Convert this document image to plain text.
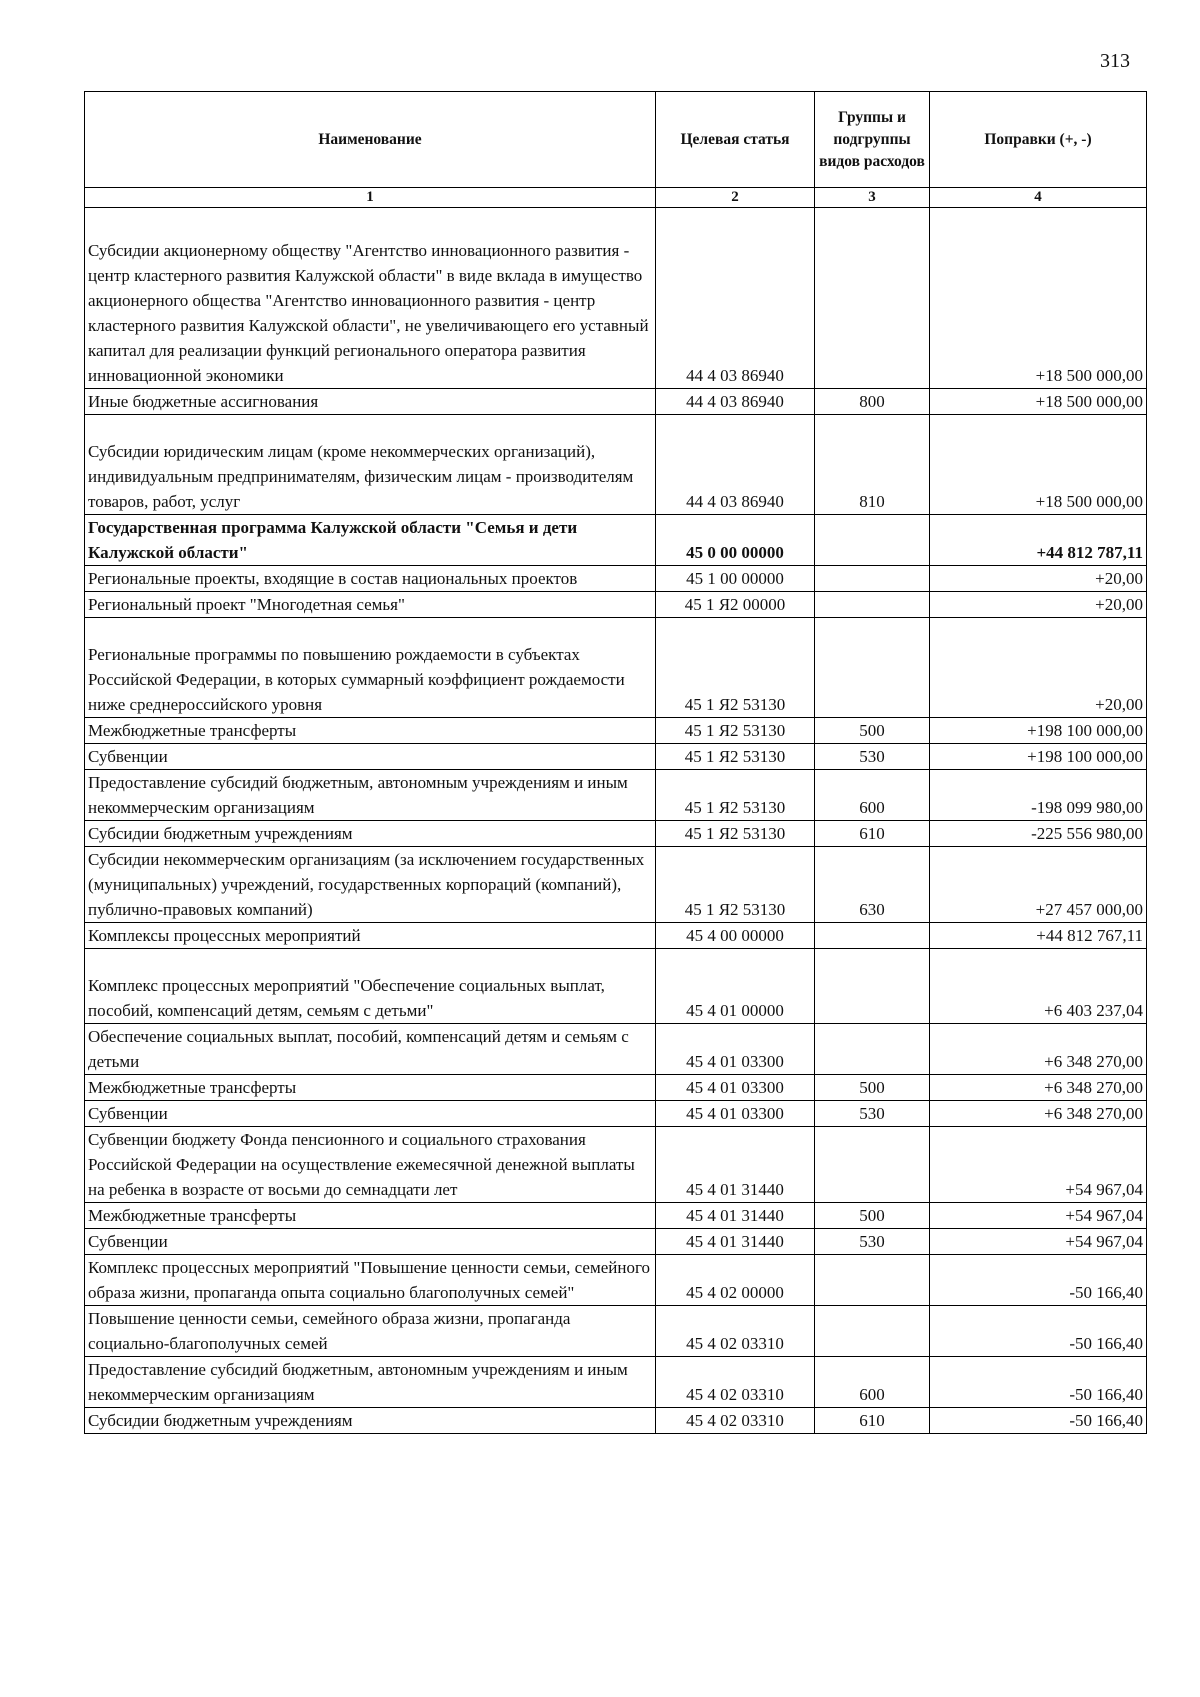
313
Наименование	Целевая статья	Группы и подгруппы видов расходов	Поправки (+, -)
1	2	3	4
Субсидии акционерному обществу "Агентство инновационного развития - центр кластерного развития Калужской области" в виде вклада в имущество акционерного общества "Агентство инновационного развития - центр кластерного развития Калужской области", не увеличивающего его уставный капитал для реализации функций регионального оператора развития инновационной экономики	44 4 03 86940		+18 500 000,00
Иные бюджетные ассигнования	44 4 03 86940	800	+18 500 000,00
Субсидии юридическим лицам (кроме некоммерческих организаций), индивидуальным предпринимателям, физическим лицам - производителям товаров, работ, услуг	44 4 03 86940	810	+18 500 000,00
Государственная программа Калужской области "Семья и дети Калужской области"	45 0 00 00000		+44 812 787,11
Региональные проекты, входящие в состав национальных проектов	45 1 00 00000		+20,00
Региональный проект "Многодетная семья"	45 1 Я2 00000		+20,00
Региональные программы по повышению рождаемости в субъектах Российской Федерации, в которых суммарный коэффициент рождаемости ниже среднероссийского уровня	45 1 Я2 53130		+20,00
Межбюджетные трансферты	45 1 Я2 53130	500	+198 100 000,00
Субвенции	45 1 Я2 53130	530	+198 100 000,00
Предоставление субсидий бюджетным, автономным учреждениям и иным некоммерческим организациям	45 1 Я2 53130	600	-198 099 980,00
Субсидии бюджетным учреждениям	45 1 Я2 53130	610	-225 556 980,00
Субсидии некоммерческим организациям (за исключением государственных (муниципальных) учреждений, государственных корпораций (компаний), публично-правовых компаний)	45 1 Я2 53130	630	+27 457 000,00
Комплексы процессных мероприятий	45 4 00 00000		+44 812 767,11
Комплекс процессных мероприятий "Обеспечение социальных выплат, пособий, компенсаций детям, семьям с детьми"	45 4 01 00000		+6 403 237,04
Обеспечение социальных выплат, пособий, компенсаций детям и семьям с детьми	45 4 01 03300		+6 348 270,00
Межбюджетные трансферты	45 4 01 03300	500	+6 348 270,00
Субвенции	45 4 01 03300	530	+6 348 270,00
Субвенции бюджету Фонда пенсионного и социального страхования Российской Федерации на осуществление ежемесячной денежной выплаты на ребенка в возрасте от восьми до семнадцати лет	45 4 01 31440		+54 967,04
Межбюджетные трансферты	45 4 01 31440	500	+54 967,04
Субвенции	45 4 01 31440	530	+54 967,04
Комплекс процессных мероприятий "Повышение ценности семьи, семейного образа жизни, пропаганда опыта социально благополучных семей"	45 4 02 00000		-50 166,40
Повышение ценности семьи, семейного образа жизни, пропаганда социально-благополучных семей	45 4 02 03310		-50 166,40
Предоставление субсидий бюджетным, автономным учреждениям и иным некоммерческим организациям	45 4 02 03310	600	-50 166,40
Субсидии бюджетным учреждениям	45 4 02 03310	610	-50 166,40
